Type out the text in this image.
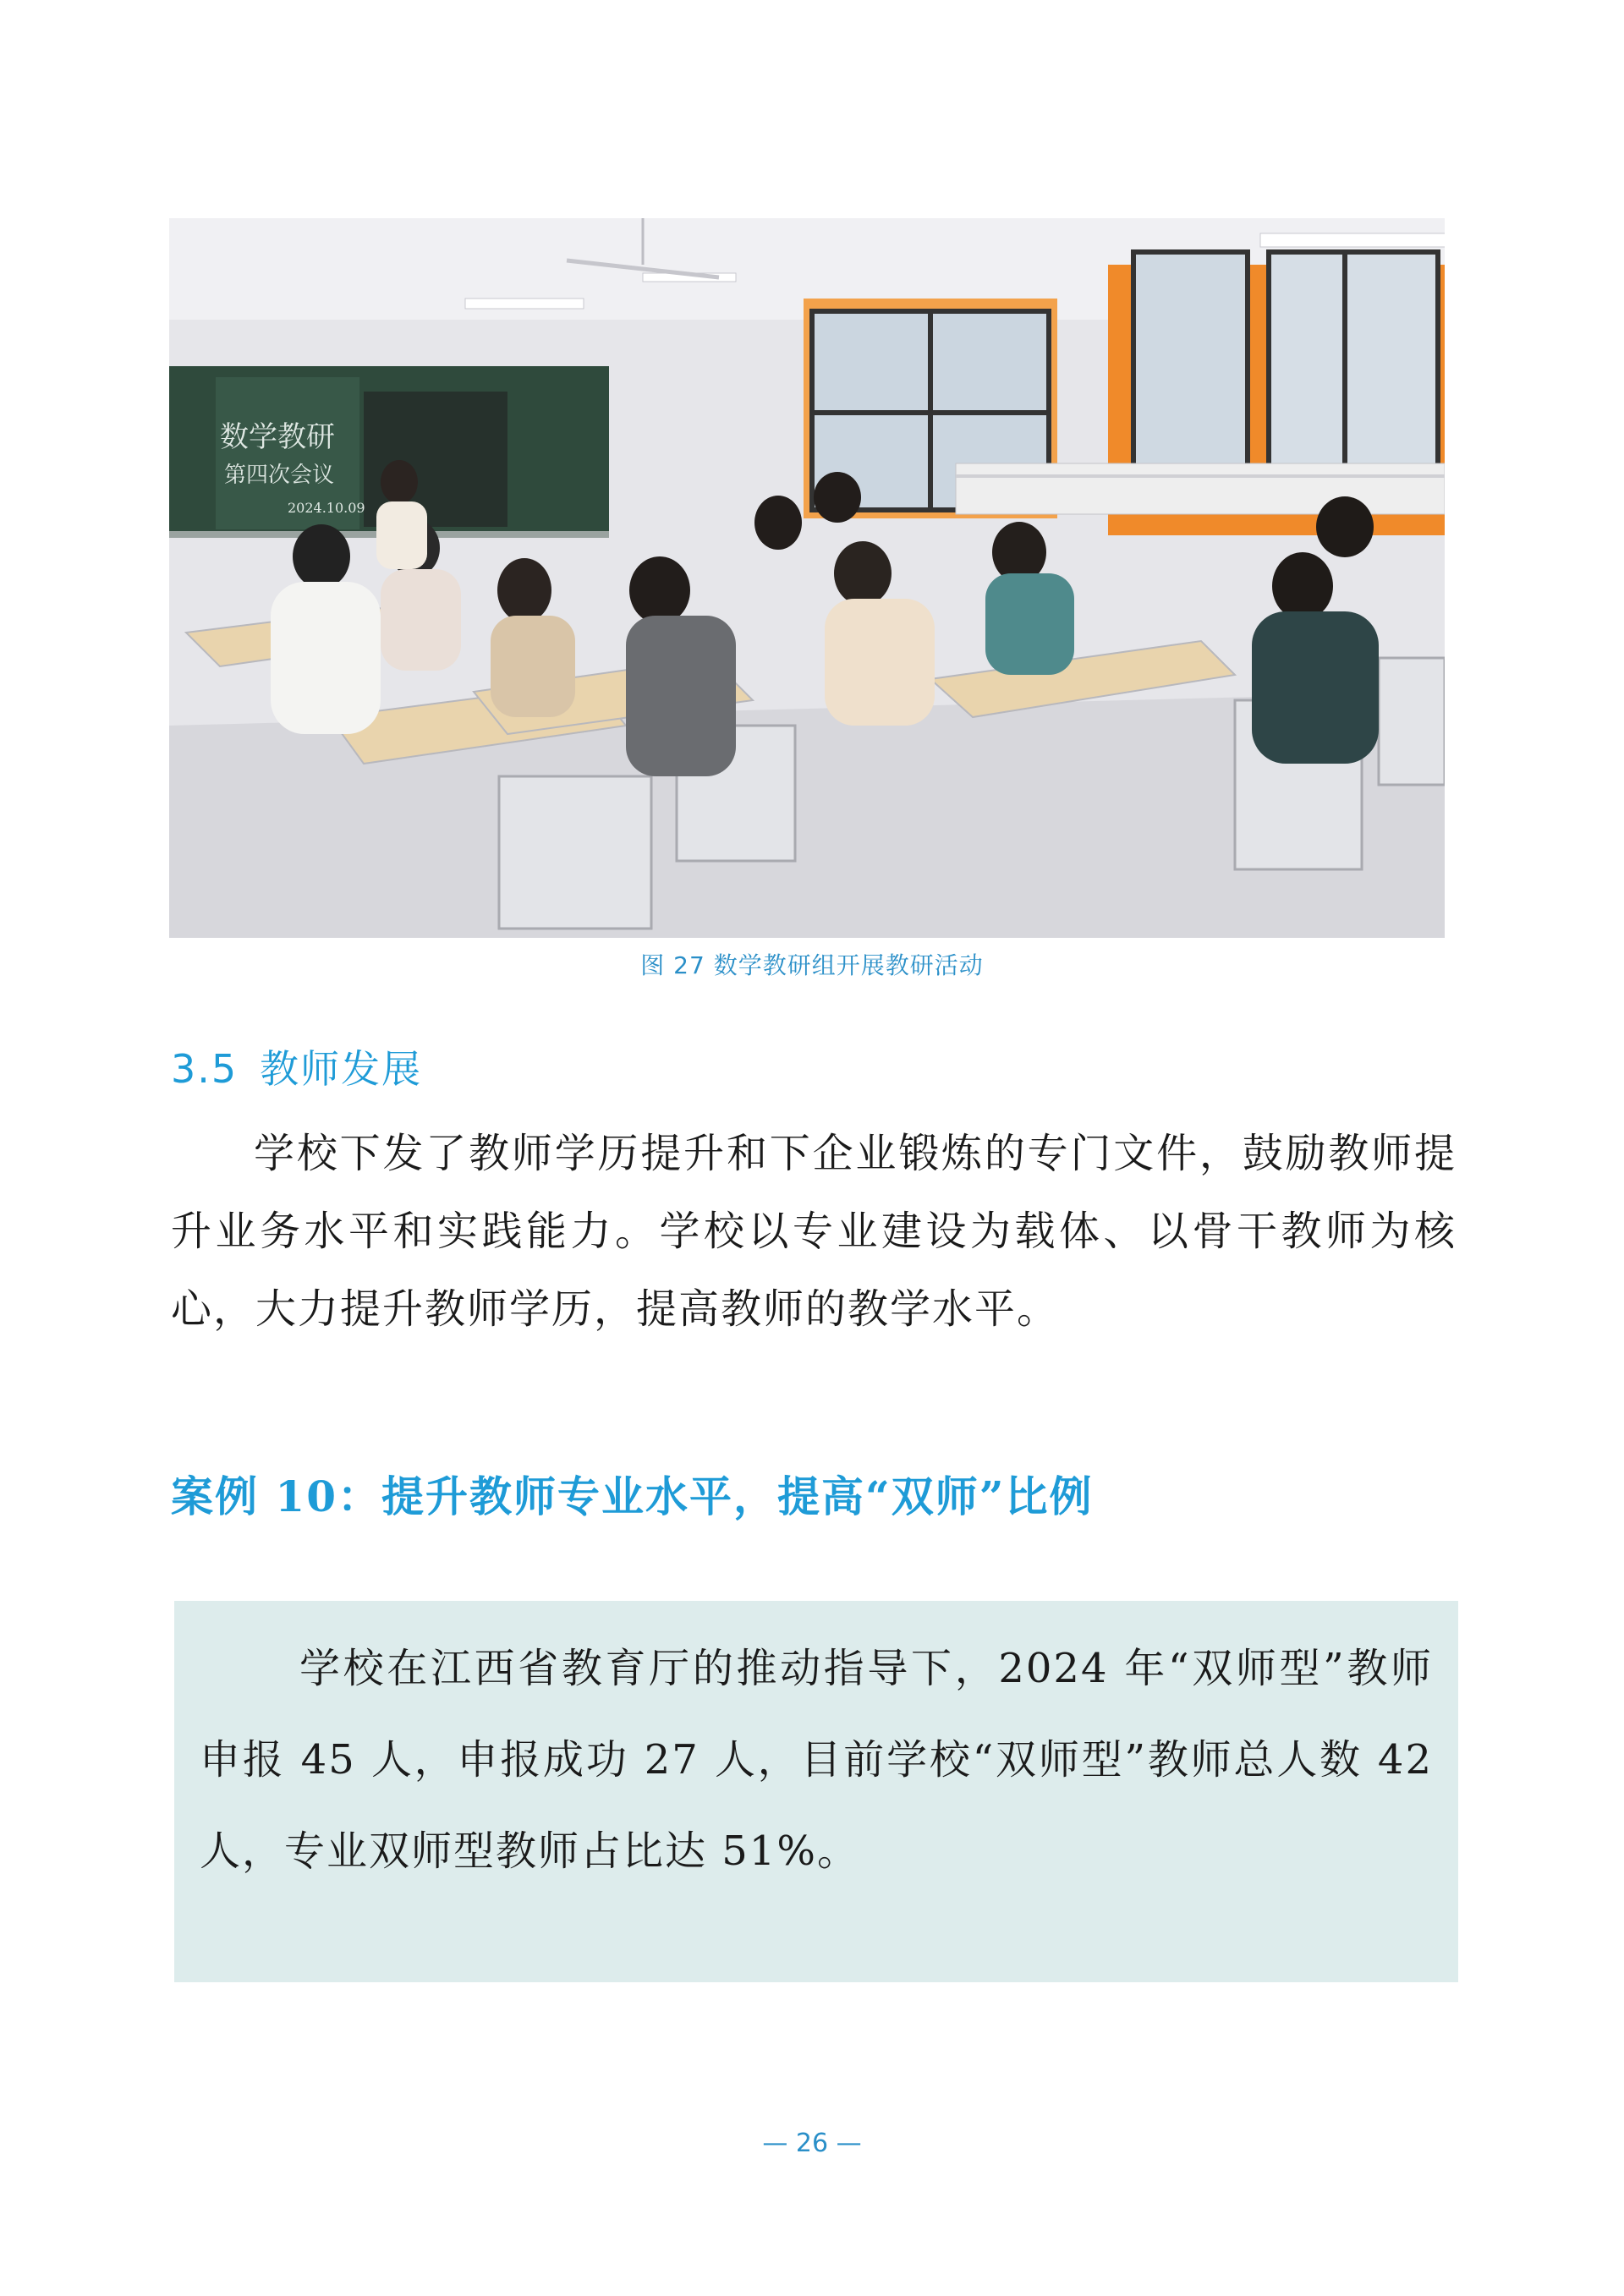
数学教研
第四次会议
2024.10.09
图 27 数学教研组开展教研活动
3.5 教师发展

学校下发了教师学历提升和下企业锻炼的专门文件，鼓励教师提升业务水平和实践能力。学校以专业建设为载体、以骨干教师为核心，大力提升教师学历，提高教师的教学水平。

案例 10：提升教师专业水平，提高“双师”比例

学校在江西省教育厅的推动指导下，2024 年“双师型”教师申报 45 人，申报成功 27 人，目前学校“双师型”教师总人数 42 人，专业双师型教师占比达 51%。

— 26 —
